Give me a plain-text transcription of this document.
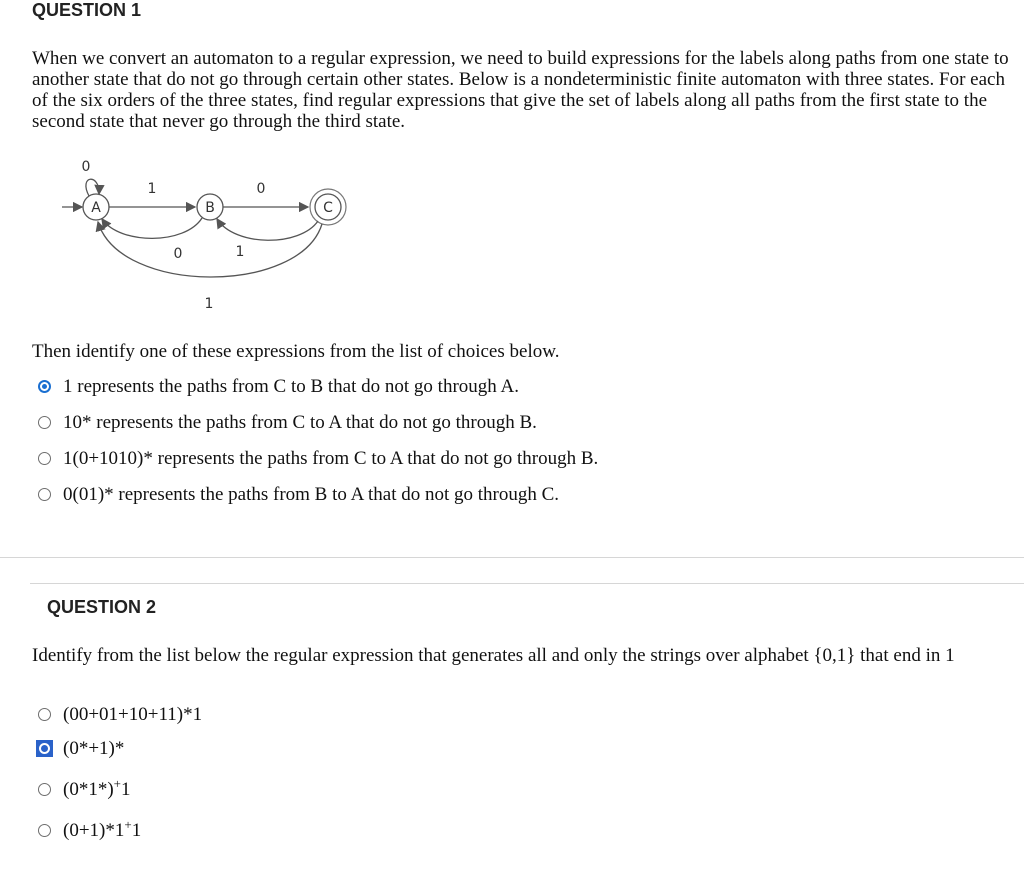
QUESTION 1
When we convert an automaton to a regular expression, we need to build expressions for the labels along paths from one state to another state that do not go through certain other states. Below is a nondeterministic finite automaton with three states. For each of the six orders of the three states, find regular expressions that give the set of labels along all paths from the first state to the second state that never go through the third state.
A
0
B	C
1	0
0	1
1
Then identify one of these expressions from the list of choices below.
1 represents the paths from C to B that do not go through A.
10* represents the paths from C to A that do not go through B.
1(0+1010)* represents the paths from C to A that do not go through B.
0(01)* represents the paths from B to A that do not go through C.
QUESTION 2
Identify from the list below the regular expression that generates all and only the strings over alphabet {0,1} that end in 1
(00+01+10+11)*1
(0*+1)*
(0*1*)+1
(0+1)*1+1
